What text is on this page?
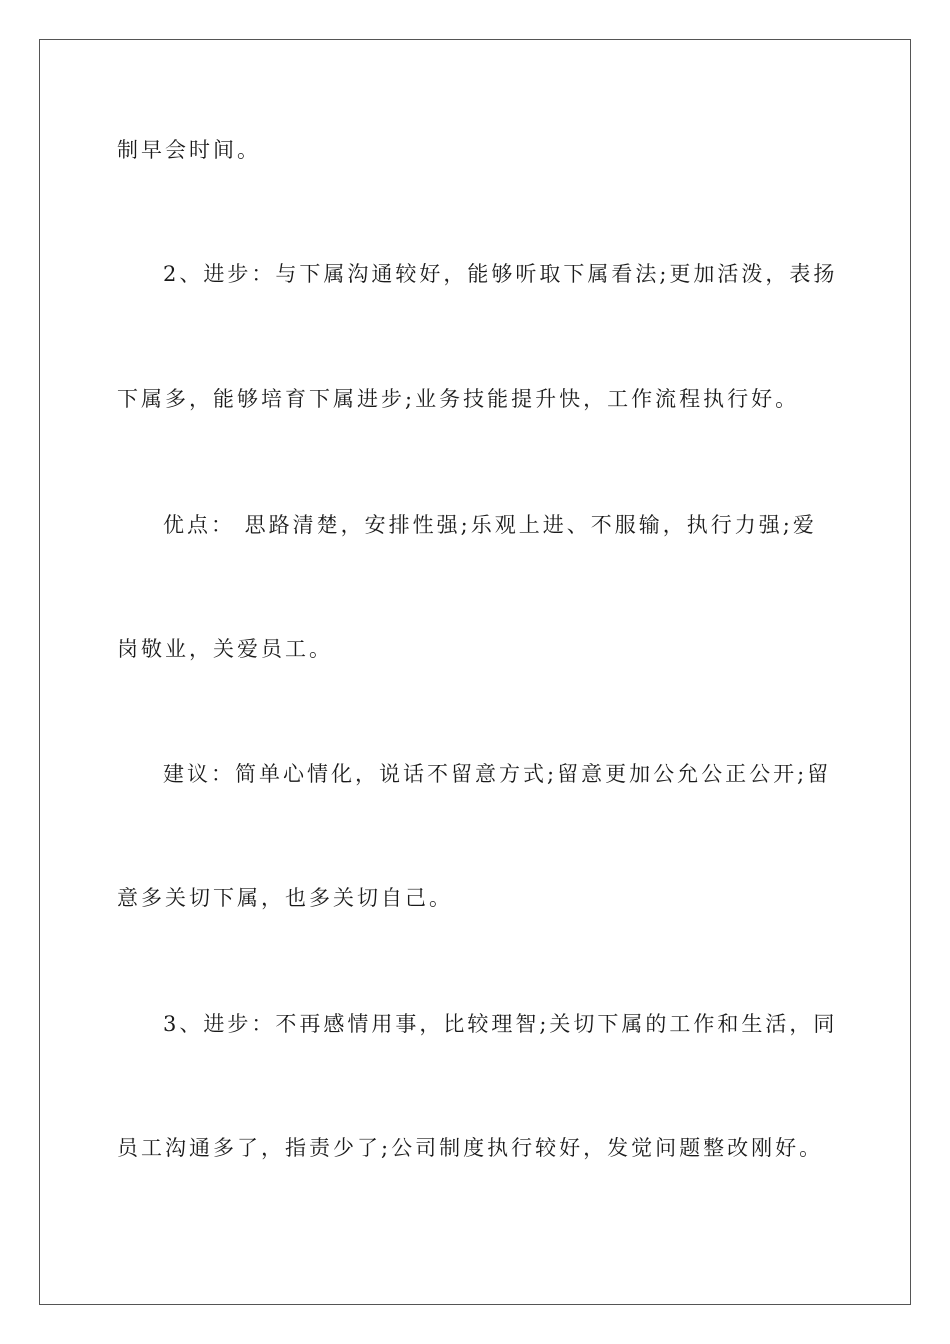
制早会时间。
2、进步：与下属沟通较好，能够听取下属看法;更加活泼，表扬
下属多，能够培育下属进步;业务技能提升快，工作流程执行好。
优点： 思路清楚，安排性强;乐观上进、不服输，执行力强;爱
岗敬业，关爱员工。
建议：简单心情化，说话不留意方式;留意更加公允公正公开;留
意多关切下属，也多关切自己。
3、进步：不再感情用事，比较理智;关切下属的工作和生活，同
员工沟通多了，指责少了;公司制度执行较好，发觉问题整改刚好。
